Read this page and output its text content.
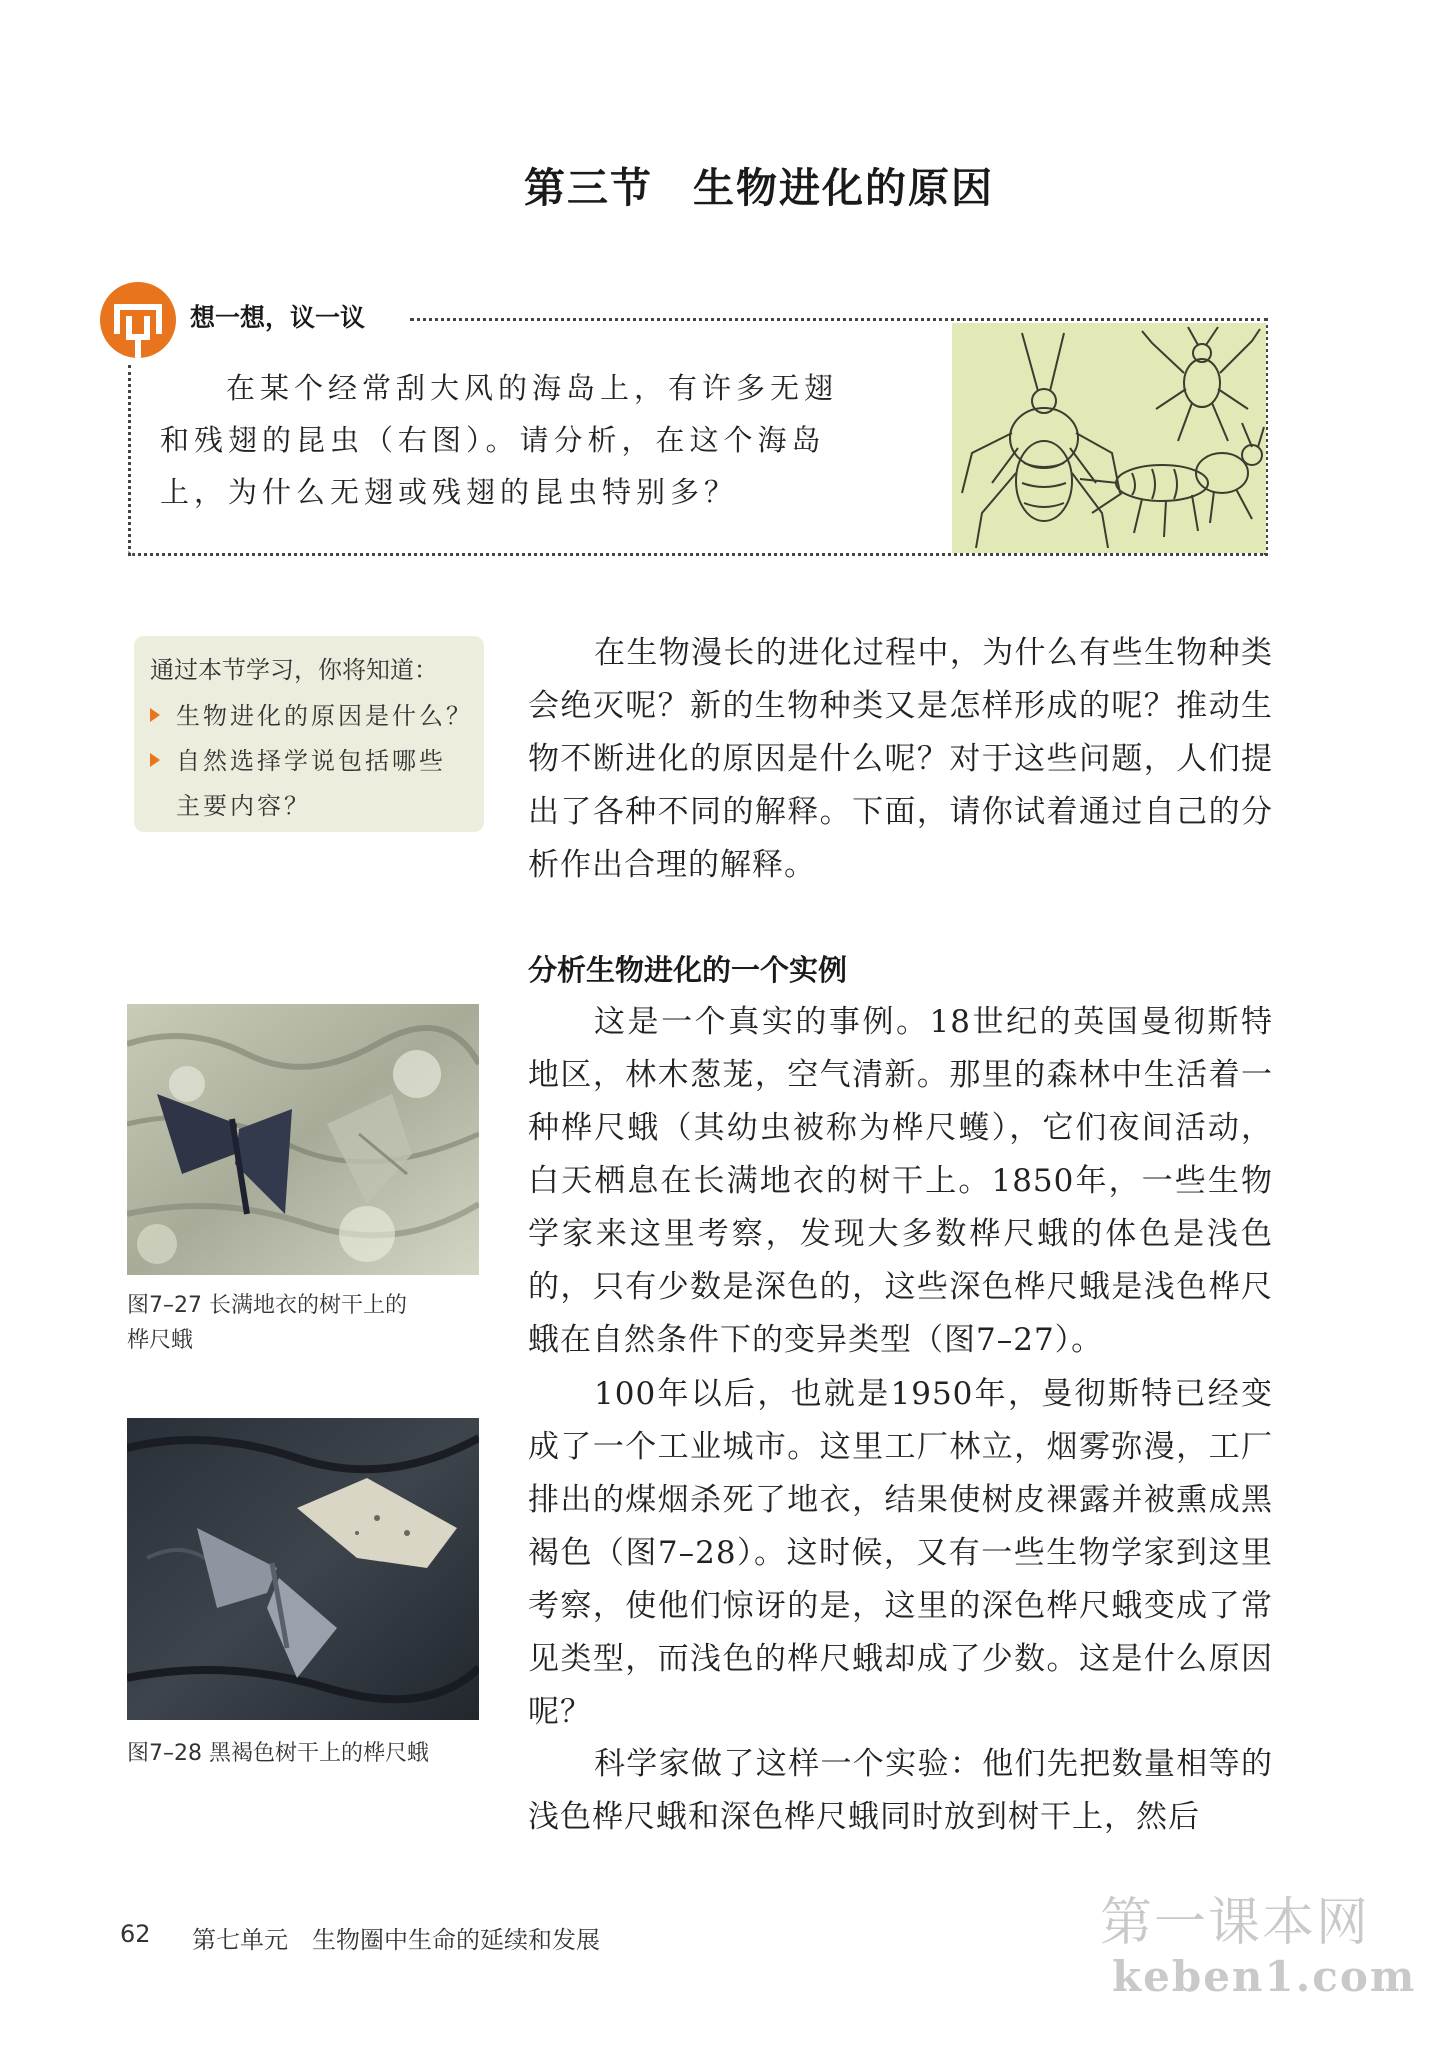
第三节 生物进化的原因
想一想，议一议
在某个经常刮大风的海岛上，有许多无翅
和残翅的昆虫（右图）。请分析，在这个海岛
上，为什么无翅或残翅的昆虫特别多？
通过本节学习，你将知道：
生物进化的原因是什么？
自然选择学说包括哪些
主要内容？
在生物漫长的进化过程中，为什么有些生物种类会绝灭呢？新的生物种类又是怎样形成的呢？推动生物不断进化的原因是什么呢？对于这些问题，人们提出了各种不同的解释。下面，请你试着通过自己的分析作出合理的解释。
分析生物进化的一个实例
这是一个真实的事例。18世纪的英国曼彻斯特地区，林木葱茏，空气清新。那里的森林中生活着一种桦尺蛾（其幼虫被称为桦尺蠖），它们夜间活动，白天栖息在长满地衣的树干上。1850年，一些生物学家来这里考察，发现大多数桦尺蛾的体色是浅色的，只有少数是深色的，这些深色桦尺蛾是浅色桦尺蛾在自然条件下的变异类型（图7–27）。
100年以后，也就是1950年，曼彻斯特已经变成了一个工业城市。这里工厂林立，烟雾弥漫，工厂排出的煤烟杀死了地衣，结果使树皮裸露并被熏成黑褐色（图7–28）。这时候，又有一些生物学家到这里考察，使他们惊讶的是，这里的深色桦尺蛾变成了常见类型，而浅色的桦尺蛾却成了少数。这是什么原因呢？
科学家做了这样一个实验：他们先把数量相等的浅色桦尺蛾和深色桦尺蛾同时放到树干上，然后
图7–27 长满地衣的树干上的
桦尺蛾
图7–28 黑褐色树干上的桦尺蛾
62 第七单元　生物圈中生命的延续和发展	第一课本网
keben1.com
